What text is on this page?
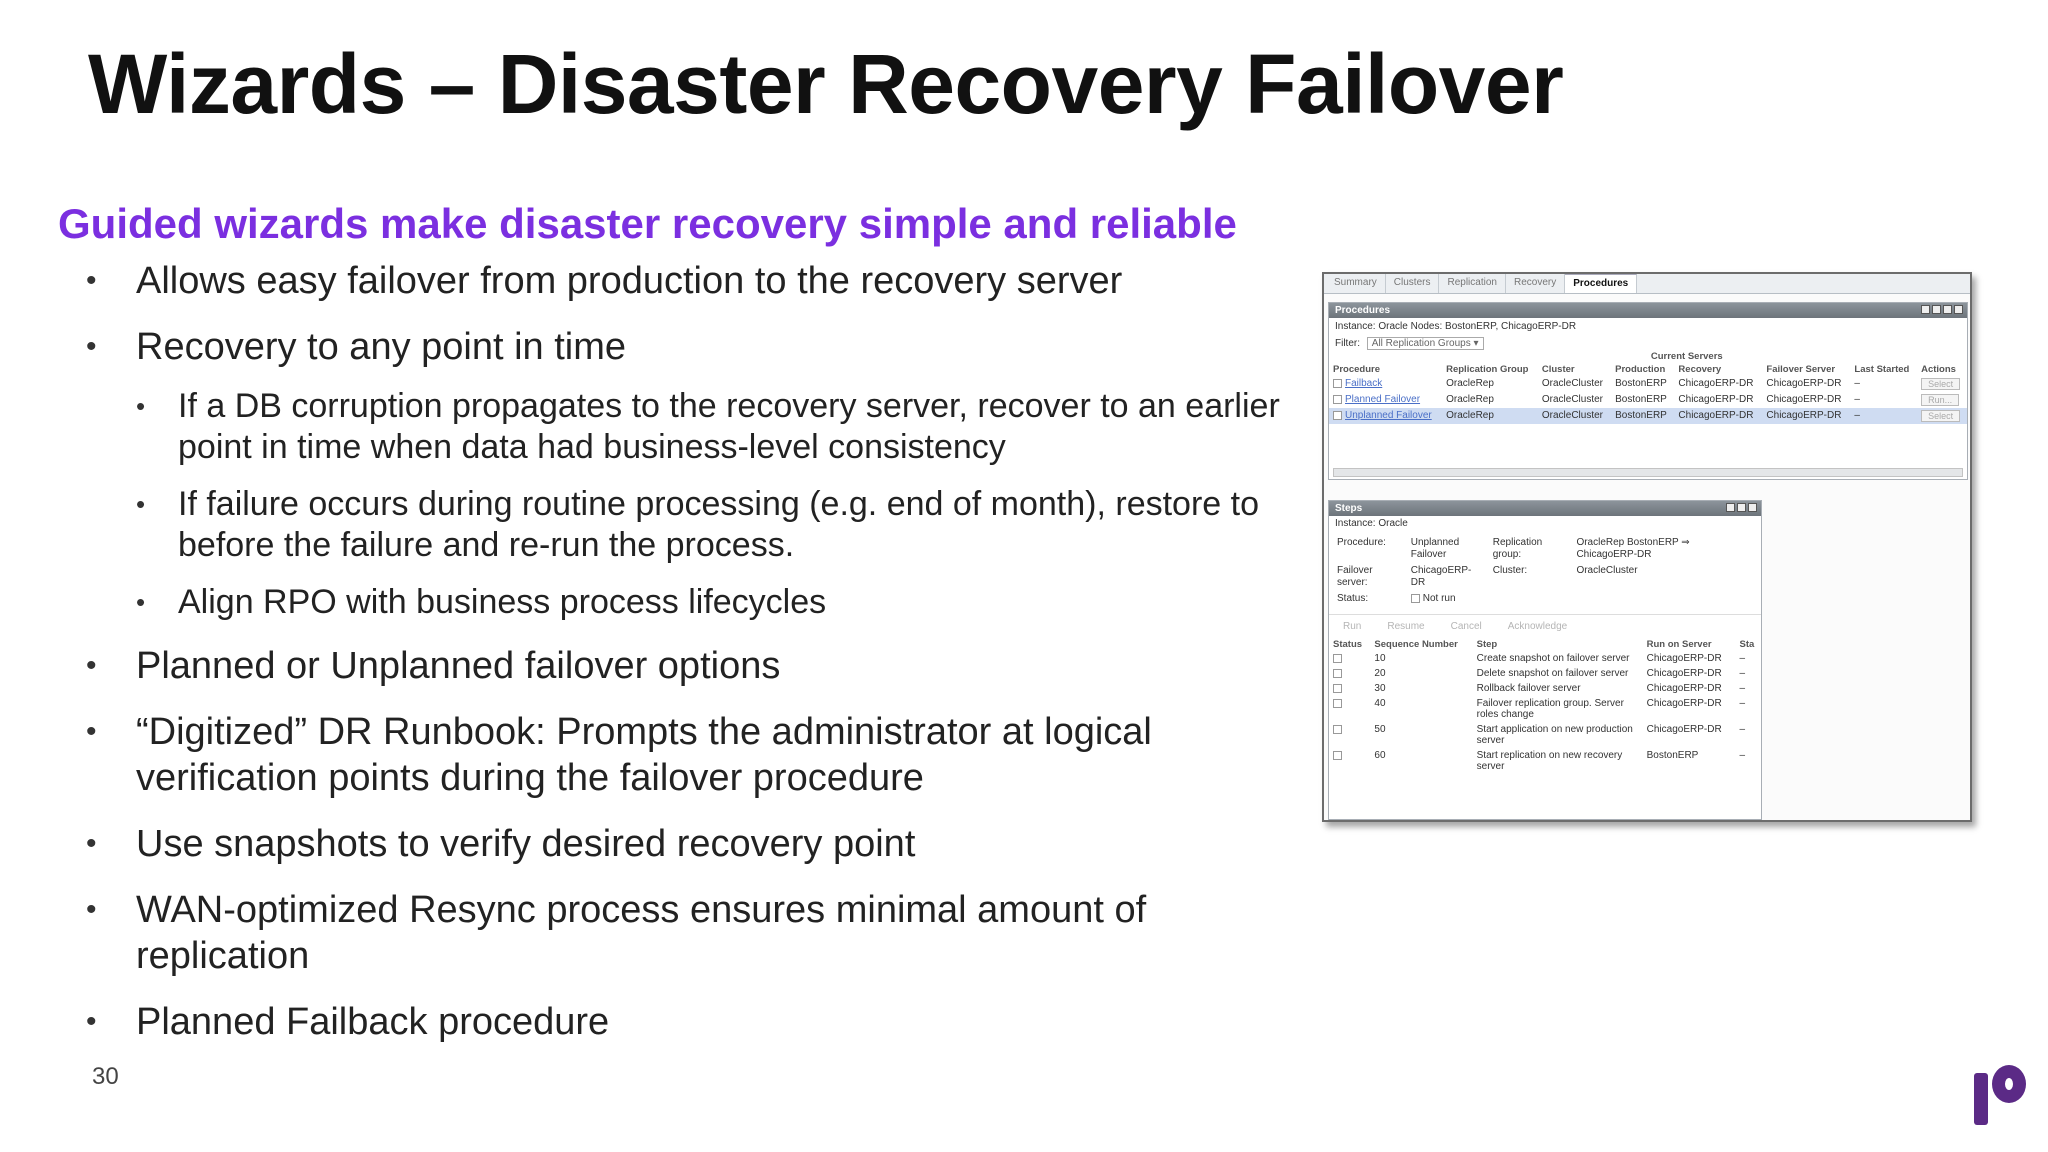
Wizards – Disaster Recovery Failover
Guided wizards make disaster recovery simple and reliable
• Allows easy failover from production to the recovery server
• Recovery to any point in time
• If a DB corruption propagates to the recovery server, recover to an earlier point in time when data had business-level consistency
• If failure occurs during routine processing (e.g. end of month), restore to before the failure and re-run the process.
• Align RPO with business process lifecycles
• Planned or Unplanned failover options
• “Digitized” DR Runbook: Prompts the administrator at logical verification points during the failover procedure
• Use snapshots to verify desired recovery point
• WAN-optimized Resync process ensures minimal amount of replication
• Planned Failback procedure
30
Summary	Clusters	Replication	Recovery	Procedures
Procedures
Instance: Oracle Nodes: BostonERP, ChicagoERP-DR
Filter: All Replication Groups ▾
			Current Servers				
Procedure	Replication Group	Cluster	Production	Recovery	Failover Server	Last Started	Actions
Failback	OracleRep	OracleCluster	BostonERP	ChicagoERP-DR	ChicagoERP-DR	–	Select
Planned Failover	OracleRep	OracleCluster	BostonERP	ChicagoERP-DR	ChicagoERP-DR	–	Run...
Unplanned Failover	OracleRep	OracleCluster	BostonERP	ChicagoERP-DR	ChicagoERP-DR	–	Select
Steps
Instance: Oracle
Procedure:	Unplanned Failover	Replication group:	OracleRep BostonERP ⇒ ChicagoERP-DR
Failover server:	ChicagoERP-DR	Cluster:	OracleCluster
Status:	Not run		
Run	Resume	Cancel	Acknowledge
Status	Sequence Number	Step	Run on Server	Sta
	10	Create snapshot on failover server	ChicagoERP-DR	–
	20	Delete snapshot on failover server	ChicagoERP-DR	–
	30	Rollback failover server	ChicagoERP-DR	–
	40	Failover replication group. Server roles change	ChicagoERP-DR	–
	50	Start application on new production server	ChicagoERP-DR	–
	60	Start replication on new recovery server	BostonERP	–
